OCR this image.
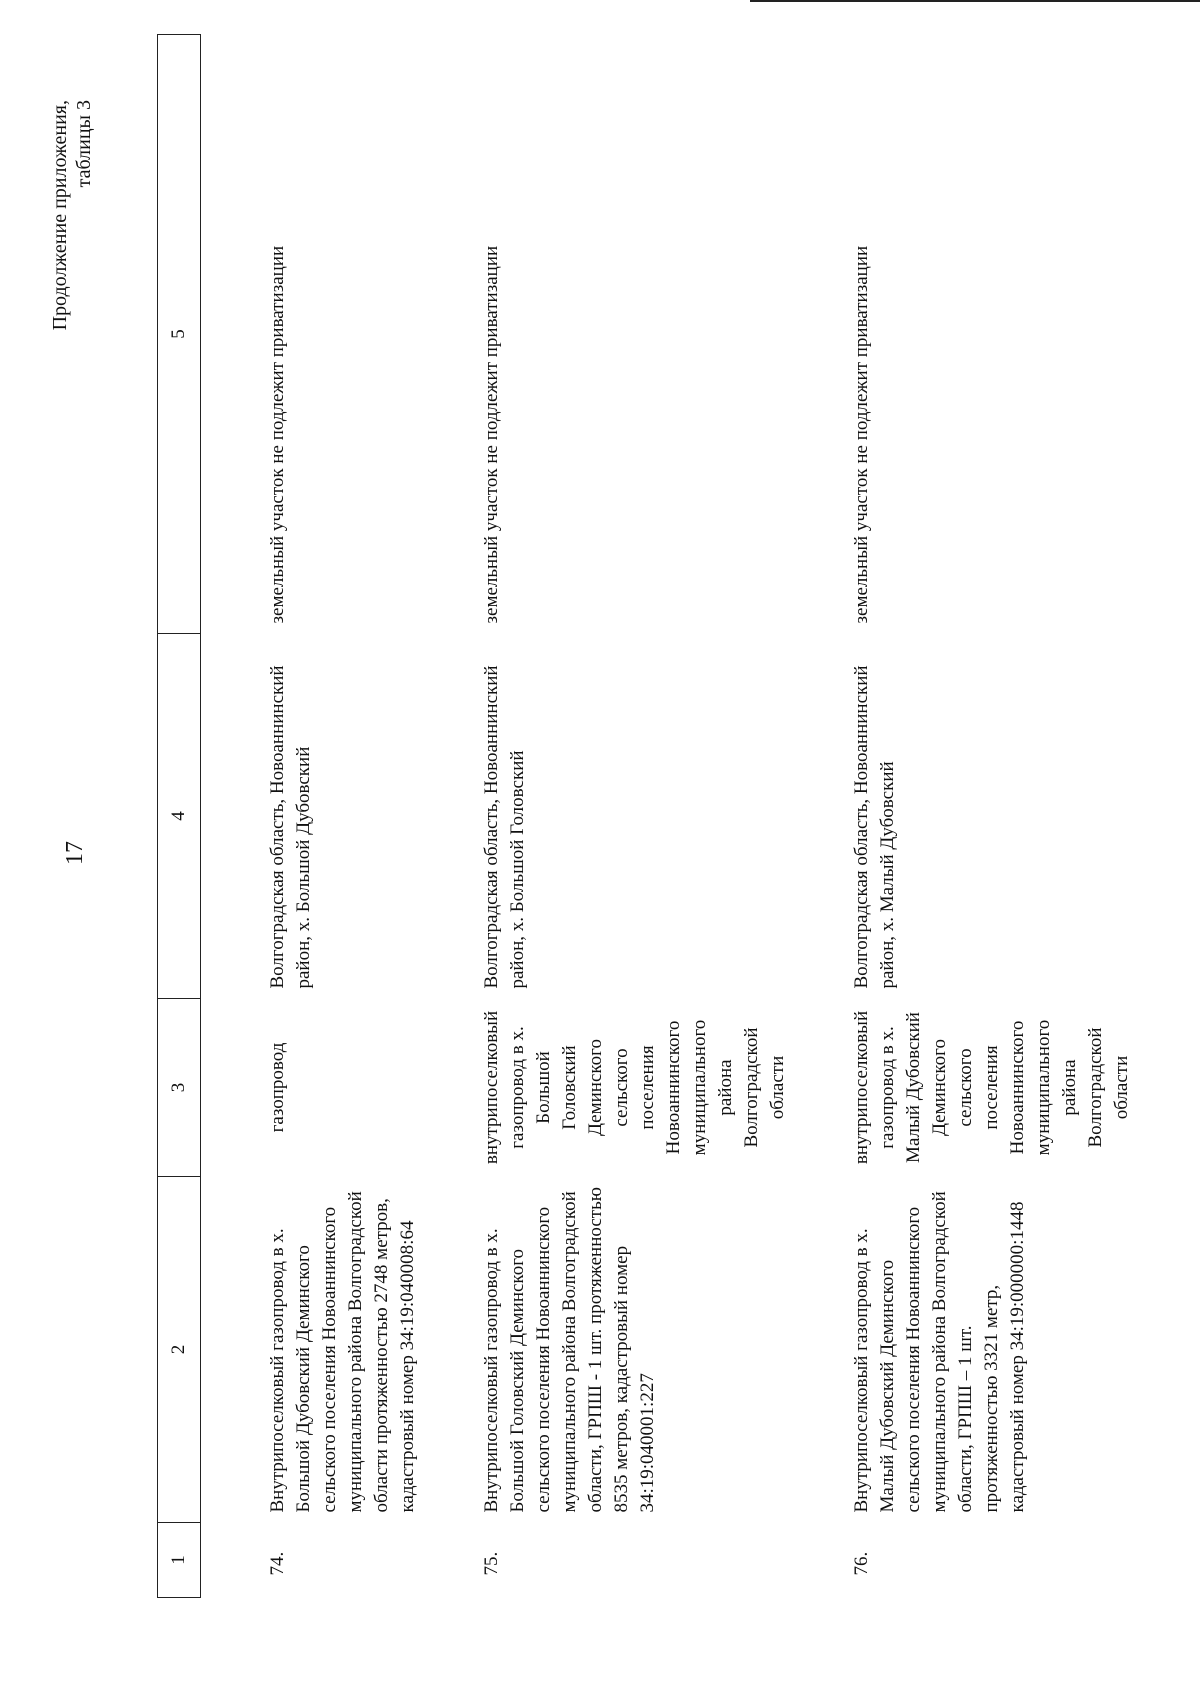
17
Продолжение приложения, таблицы 3
1	2	3	4	5
74.	Внутрипоселковый газопровод в х. Большой Дубовский Деминского сельского поселения Новоаннинского муниципального района Волгоградской области протяженностью 2748 метров, кадастровый номер 34:19:040008:64	газопровод	Волгоградская область, Новоаннинский район, х. Большой Дубовский	земельный участок не подлежит приватизации
75.	Внутрипоселковый газопровод в х. Большой Головский Деминского сельского поселения Новоаннинского муниципального района Волгоградской области, ГРПШ - 1 шт. протяженностью 8535 метров, кадастровый номер 34:19:040001:227	внутрипоселковый газопровод в х. Большой Головский Деминского сельского поселения Новоаннинского муниципального района Волгоградской области	Волгоградская область, Новоаннинский район, х. Большой Головский	земельный участок не подлежит приватизации
76.	Внутрипоселковый газопровод в х. Малый Дубовский Деминского сельского поселения Новоаннинского муниципального района Волгоградской области, ГРПШ – 1 шт. протяженностью 3321 метр, кадастровый номер 34:19:000000:1448	внутрипоселковый газопровод в х. Малый Дубовский Деминского сельского поселения Новоаннинского муниципального района Волгоградской области	Волгоградская область, Новоаннинский район, х. Малый Дубовский	земельный участок не подлежит приватизации
